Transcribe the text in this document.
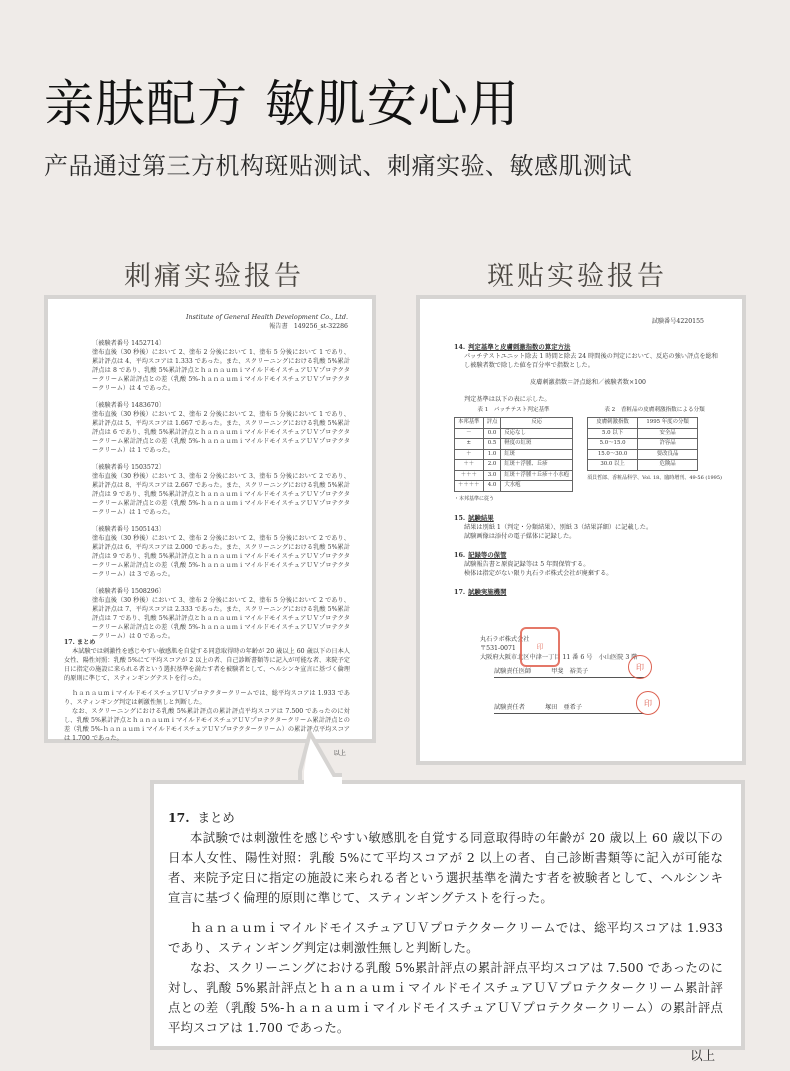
亲肤配方 敏肌安心用
产品通过第三方机构斑贴测试、刺痛实验、敏感肌测试
刺痛实验报告	斑贴实验报告
Institute of General Health Development Co., Ltd.
報告書　149256_st-32286
〔被験者番号 1452714〕
塗布直後（30 秒後）において 2、塗布 2 分後において 1、塗布 5 分後において 1 であり、累計評点は 4、平均スコアは 1.333 であった。また、スクリーニングにおける乳酸 5%累計評点は 8 であり、乳酸 5%累計評点とｈａｎａｕｍｉマイルドモイスチュアＵＶプロテクタークリーム累計評点との差（乳酸 5%-ｈａｎａｕｍｉマイルドモイスチュアＵＶプロテクタークリーム）は 4 であった。
〔被験者番号 1483670〕
塗布直後（30 秒後）において 2、塗布 2 分後において 2、塗布 5 分後において 1 であり、累計評点は 5、平均スコアは 1.667 であった。また、スクリーニングにおける乳酸 5%累計評点は 6 であり、乳酸 5%累計評点とｈａｎａｕｍｉマイルドモイスチュアＵＶプロテクタークリーム累計評点との差（乳酸 5%-ｈａｎａｕｍｉマイルドモイスチュアＵＶプロテクタークリーム）は 1 であった。
〔被験者番号 1503572〕
塗布直後（30 秒後）において 3、塗布 2 分後において 3、塗布 5 分後において 2 であり、累計評点は 8、平均スコアは 2.667 であった。また、スクリーニングにおける乳酸 5%累計評点は 9 であり、乳酸 5%累計評点とｈａｎａｕｍｉマイルドモイスチュアＵＶプロテクタークリーム累計評点との差（乳酸 5%-ｈａｎａｕｍｉマイルドモイスチュアＵＶプロテクタークリーム）は 1 であった。
〔被験者番号 1505143〕
塗布直後（30 秒後）において 2、塗布 2 分後において 2、塗布 5 分後において 2 であり、累計評点は 6、平均スコアは 2.000 であった。また、スクリーニングにおける乳酸 5%累計評点は 9 であり、乳酸 5%累計評点とｈａｎａｕｍｉマイルドモイスチュアＵＶプロテクタークリーム累計評点との差（乳酸 5%-ｈａｎａｕｍｉマイルドモイスチュアＵＶプロテクタークリーム）は 3 であった。
〔被験者番号 1508296〕
塗布直後（30 秒後）において 3、塗布 2 分後において 2、塗布 5 分後において 2 であり、累計評点は 7、平均スコアは 2.333 であった。また、スクリーニングにおける乳酸 5%累計評点は 7 であり、乳酸 5%累計評点とｈａｎａｕｍｉマイルドモイスチュアＵＶプロテクタークリーム累計評点との差（乳酸 5%-ｈａｎａｕｍｉマイルドモイスチュアＵＶプロテクタークリーム）は 0 であった。
17. まとめ

本試験では刺激性を感じやすい敏感肌を自覚する同意取得時の年齢が 20 歳以上 60 歳以下の日本人女性、陽性対照：乳酸 5%にて平均スコアが 2 以上の者、自己診断書類等に記入が可能な者、来院予定日に指定の施設に来られる者という選択基準を満たす者を被験者として、ヘルシンキ宣言に基づく倫理的原則に準じて、スティンギングテストを行った。

ｈａｎａｕｍｉマイルドモイスチュアＵＶプロテクタークリームでは、総平均スコアは 1.933 であり、スティンギング判定は刺激性無しと判断した。

なお、スクリーニングにおける乳酸 5%累計評点の累計評点平均スコアは 7.500 であったのに対し、乳酸 5%累計評点とｈａｎａｕｍｉマイルドモイスチュアＵＶプロテクタークリーム累計評点との差（乳酸 5%-ｈａｎａｕｍｉマイルドモイスチュアＵＶプロテクタークリーム）の累計評点平均スコアは 1.700 であった。

以上
試験番号4220155
14. 判定基準と皮膚刺激指数の算定方法

パッチテストユニット除去 1 時間と除去 24 時間後の判定において、反応の強い評点を総和し被験者数で除した値を百分率で指数とした。

皮膚刺激指数＝評点総和／被験者数×100

判定基準は以下の表に示した。

表 1　パッチテスト判定基準
本邦基準	評点	反応
－	0.0	反応なし
±	0.5	軽度の紅斑
＋	1.0	紅斑
＋＋	2.0	紅斑＋浮腫、丘疹
＋＋＋	3.0	紅斑＋浮腫＋丘疹＋小水疱
＋＋＋＋	4.0	大水疱
・本邦基準に従う
表 2　香粧品の皮膚刺激指数による分類
皮膚刺激指数	1995 年度の分類
5.0 以下	安全品
5.0～15.0	許容品
15.0～30.0	要改良品
30.0 以上	危険品
須貝哲郎、香粧品科学、Vol. 18、臨時増刊、49-56 (1995)
15. 試験結果

結果は別紙 1（判定・分類結果）、別紙 3（結果詳細）に記載した。

試験画像は添付の電子媒体に記録した。

16. 記録等の保管

試験報告書と原資記録等は 5 年間保管する。

検体は指定がない限り丸石ラボ株式会社が廃棄する。

17. 試験実施機関
丸石ラボ株式会社
〒531-0071
大阪府大阪市北区中津一丁目 11 番 6 号　小山医院 3 階
印
試験責任医師	甲斐　裕美子	印
試験責任者	塚田　亜希子	印
17. まとめ

本試験では刺激性を感じやすい敏感肌を自覚する同意取得時の年齢が 20 歳以上 60 歳以下の日本人女性、陽性対照：乳酸 5%にて平均スコアが 2 以上の者、自己診断書類等に記入が可能な者、来院予定日に指定の施設に来られる者という選択基準を満たす者を被験者として、ヘルシンキ宣言に基づく倫理的原則に準じて、スティンギングテストを行った。

ｈａｎａｕｍｉマイルドモイスチュアＵＶプロテクタークリームでは、総平均スコアは 1.933 であり、スティンギング判定は刺激性無しと判断した。

なお、スクリーニングにおける乳酸 5%累計評点の累計評点平均スコアは 7.500 であったのに対し、乳酸 5%累計評点とｈａｎａｕｍｉマイルドモイスチュアＵＶプロテクタークリーム累計評点との差（乳酸 5%-ｈａｎａｕｍｉマイルドモイスチュアＵＶプロテクタークリーム）の累計評点平均スコアは 1.700 であった。

以上
